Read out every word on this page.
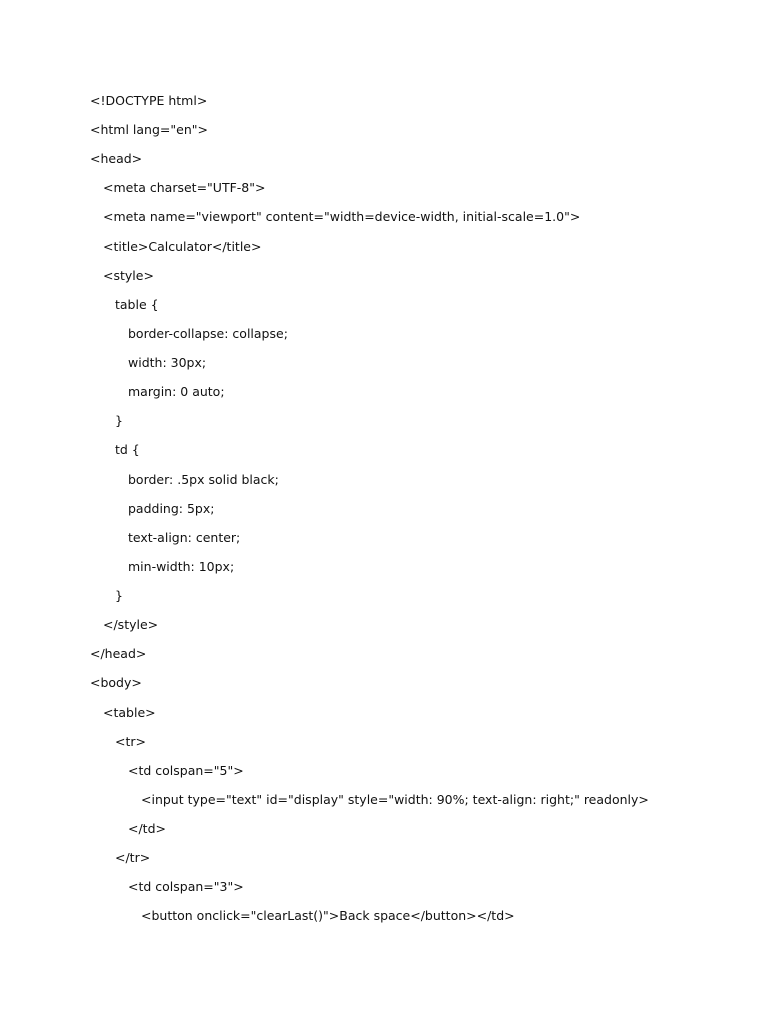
<!DOCTYPE html>
<html lang="en">
<head>
<meta charset="UTF-8">
<meta name="viewport" content="width=device-width, initial-scale=1.0">
<title>Calculator</title>
<style>
table {
border-collapse: collapse;
width: 30px;
margin: 0 auto;
}
td {
border: .5px solid black;
padding: 5px;
text-align: center;
min-width: 10px;
}
</style>
</head>
<body>
<table>
<tr>
<td colspan="5">
<input type="text" id="display" style="width: 90%; text-align: right;" readonly>
</td>
</tr>
<td colspan="3">
<button onclick="clearLast()">Back space</button></td>
